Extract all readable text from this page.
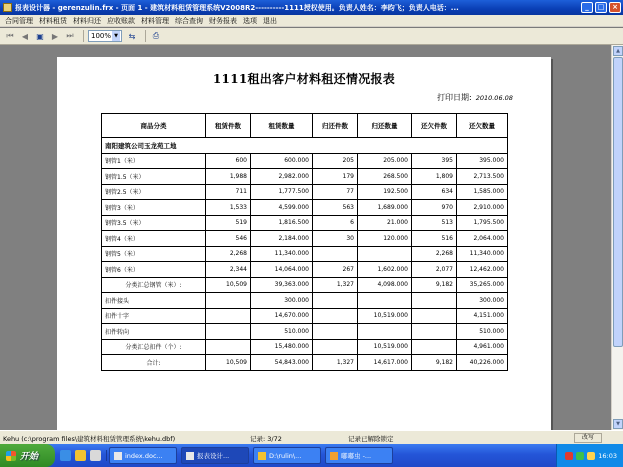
报表设计器 - gerenzulin.frx - 页面 1 - 建筑材料租赁管理系统V2008R2----------1111授权使用。负责人姓名：李昀飞；负责人电话：...	_	□	×
合同管理 材料租赁 材料归还 应收账款 材料管理 综合查询 财务报表 选项 退出
⏮	◀	▣	▶	⏭	100% ▼	⇆	⎙
1111租出客户材料租还情况报表
打印日期: 2010.06.08
商品分类	租赁件数	租赁数量	归还件数	归还数量	还欠件数	还欠数量
南阳建筑公司玉龙苑工地						
钢管1（米）	600	600.000	205	205.000	395	395.000
钢管1.5（米）	1,988	2,982.000	179	268.500	1,809	2,713.500
钢管2.5（米）	711	1,777.500	77	192.500	634	1,585.000
钢管3（米）	1,533	4,599.000	563	1,689.000	970	2,910.000
钢管3.5（米）	519	1,816.500	6	21.000	513	1,795.500
钢管4（米）	546	2,184.000	30	120.000	516	2,064.000
钢管5（米）	2,268	11,340.000			2,268	11,340.000
钢管6（米）	2,344	14,064.000	267	1,602.000	2,077	12,462.000
分类汇总钢管（米）:	10,509	39,363.000	1,327	4,098.000	9,182	35,265.000
扣件接头		300.000				300.000
扣件十字		14,670.000		10,519.000		4,151.000
扣件转向		510.000				510.000
分类汇总扣件（个）:		15,480.000		10,519.000		4,961.000
合计:	10,509	54,843.000	1,327	14,617.000	9,182	40,226.000
▲
▼
Kehu (c:\program files\建筑材料租赁管理系统\kehu.dbf)	记录: 3/72	记录已解除锁定	改写
开始	index.doc...	报表设计...	D:\rulin\...	嘟嘟虫 -...	16:03
